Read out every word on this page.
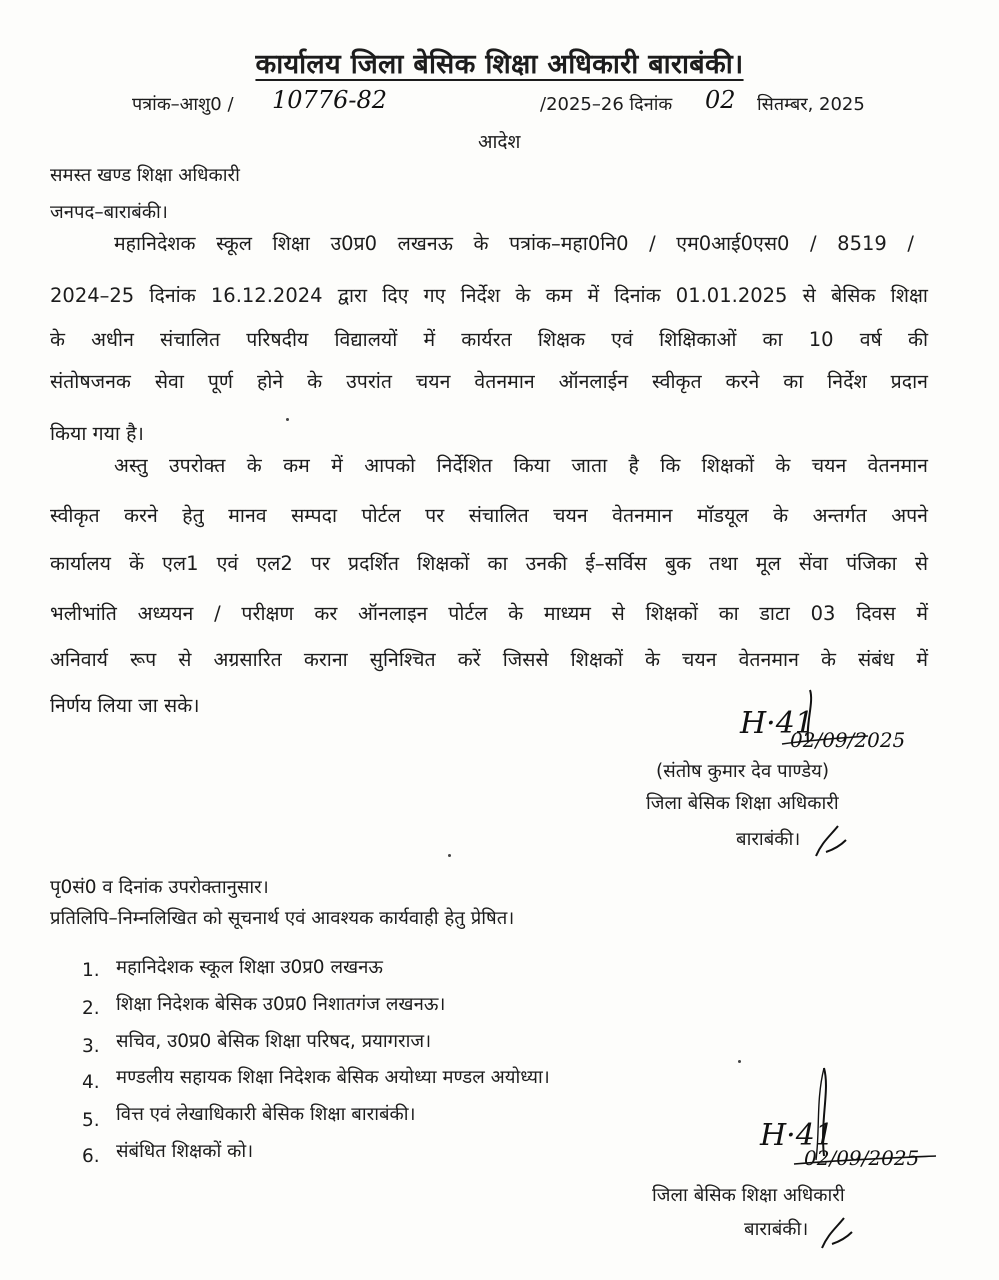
कार्यालय जिला बेसिक शिक्षा अधिकारी बाराबंकी।
पत्रांक–आशु0 / 10776-82	/2025–26 दिनांक 02 सितम्बर, 2025
आदेश
समस्त खण्ड शिक्षा अधिकारी
जनपद–बाराबंकी।
महानिदेशक स्कूल शिक्षा उ0प्र0 लखनऊ के पत्रांक–महा0नि0 / एम0आई0एस0 / 8519 /
2024–25 दिनांक 16.12.2024 द्वारा दिए गए निर्देश के कम में दिनांक 01.01.2025 से बेसिक शिक्षा
के अधीन संचालित परिषदीय विद्यालयों में कार्यरत शिक्षक एवं शिक्षिकाओं का 10 वर्ष की
संतोषजनक सेवा पूर्ण होने के उपरांत चयन वेतनमान ऑनलाईन स्वीकृत करने का निर्देश प्रदान
किया गया है।
अस्तु उपरोक्त के कम में आपको निर्देशित किया जाता है कि शिक्षकों के चयन वेतनमान
स्वीकृत करने हेतु मानव सम्पदा पोर्टल पर संचालित चयन वेतनमान मॉडयूल के अन्तर्गत अपने
कार्यालय कें एल1 एवं एल2 पर प्रदर्शित शिक्षकों का उनकी ई–सर्विस बुक तथा मूल सेंवा पंजिका से
भलीभांति अध्ययन / परीक्षण कर ऑनलाइन पोर्टल के माध्यम से शिक्षकों का डाटा 03 दिवस में
अनिवार्य रूप से अग्रसारित कराना सुनिश्चित करें जिससे शिक्षकों के चयन वेतनमान के संबंध में
निर्णय लिया जा सके।
H·41
02/09/2025
(संतोष कुमार देव पाण्डेय)
जिला बेसिक शिक्षा अधिकारी
बाराबंकी।
पृ0सं0 व दिनांक उपरोक्तानुसार।
प्रतिलिपि–निम्नलिखित को सूचनार्थ एवं आवश्यक कार्यवाही हेतु प्रेषित।
1. महानिदेशक स्कूल शिक्षा उ0प्र0 लखनऊ
2. शिक्षा निदेशक बेसिक उ0प्र0 निशातगंज लखनऊ।
3. सचिव, उ0प्र0 बेसिक शिक्षा परिषद, प्रयागराज।
4. मण्डलीय सहायक शिक्षा निदेशक बेसिक अयोध्या मण्डल अयोध्या।
5. वित्त एवं लेखाधिकारी बेसिक शिक्षा बाराबंकी।
6. संबंधित शिक्षकों को।	H·41
02/09/2025
जिला बेसिक शिक्षा अधिकारी
बाराबंकी।
